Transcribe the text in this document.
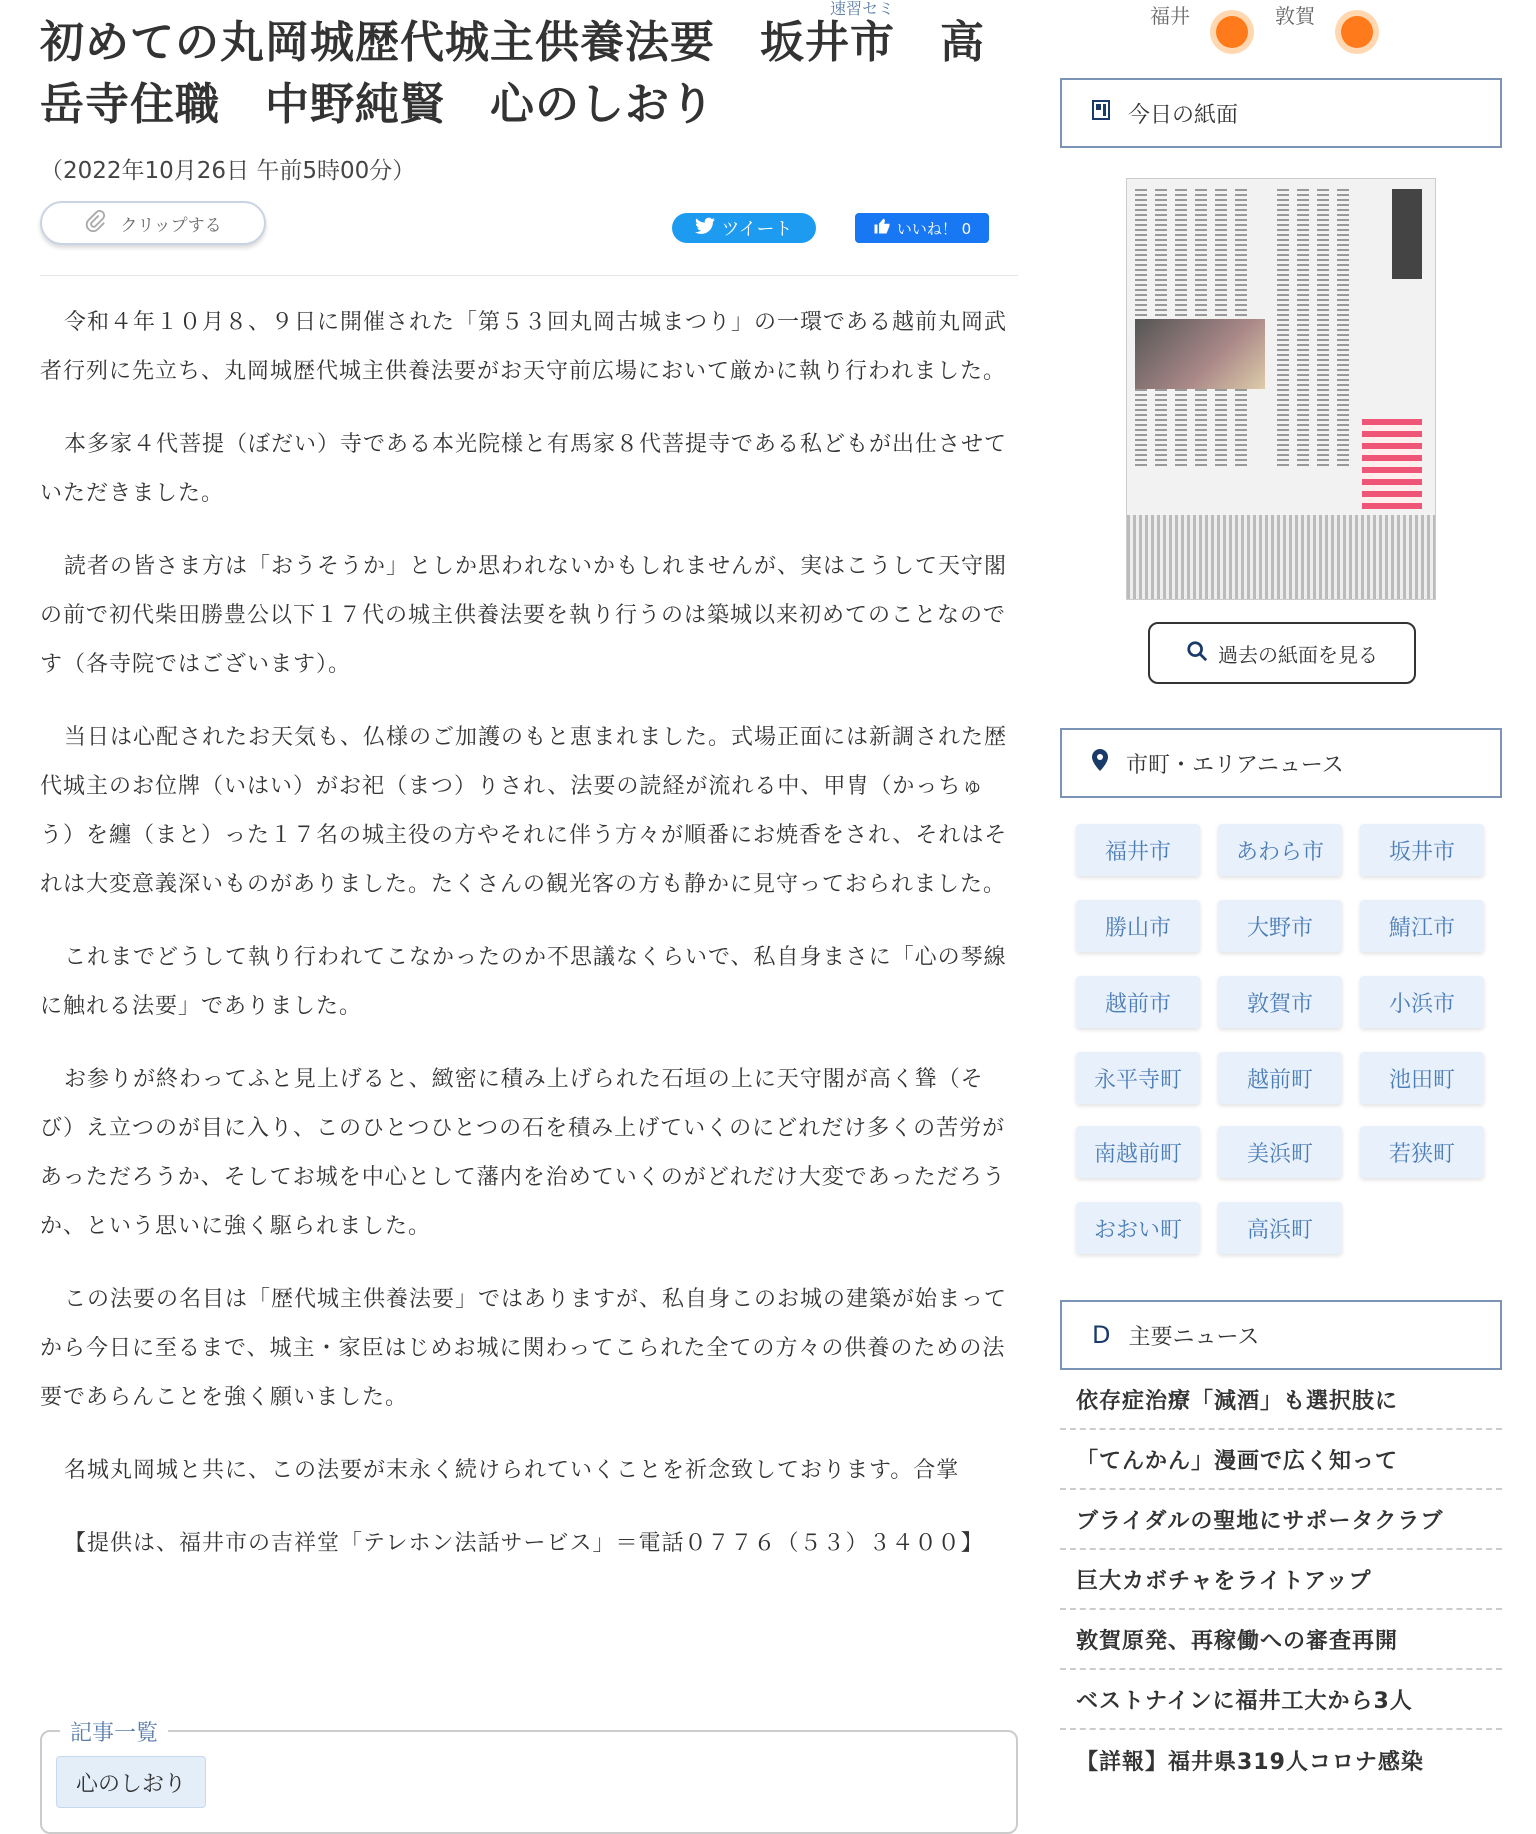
速習セミ
初めての丸岡城歴代城主供養法要　坂井市　高岳寺住職　中野純賢　心のしおり
（2022年10月26日 午前5時00分）
クリップする	ツイート	いいね！ 0

令和４年１０月８、９日に開催された「第５３回丸岡古城まつり」の一環である越前丸岡武者行列に先立ち、丸岡城歴代城主供養法要がお天守前広場において厳かに執り行われました。

本多家４代菩提（ぼだい）寺である本光院様と有馬家８代菩提寺である私どもが出仕させていただきました。

読者の皆さま方は「おうそうか」としか思われないかもしれませんが、実はこうして天守閣の前で初代柴田勝豊公以下１７代の城主供養法要を執り行うのは築城以来初めてのことなのです（各寺院ではございます）。

当日は心配されたお天気も、仏様のご加護のもと恵まれました。式場正面には新調された歴代城主のお位牌（いはい）がお祀（まつ）りされ、法要の読経が流れる中、甲冑（かっちゅう）を纏（まと）った１７名の城主役の方やそれに伴う方々が順番にお焼香をされ、それはそれは大変意義深いものがありました。たくさんの観光客の方も静かに見守っておられました。

これまでどうして執り行われてこなかったのか不思議なくらいで、私自身まさに「心の琴線に触れる法要」でありました。

お参りが終わってふと見上げると、緻密に積み上げられた石垣の上に天守閣が高く聳（そび）え立つのが目に入り、このひとつひとつの石を積み上げていくのにどれだけ多くの苦労があっただろうか、そしてお城を中心として藩内を治めていくのがどれだけ大変であっただろうか、という思いに強く駆られました。

この法要の名目は「歴代城主供養法要」ではありますが、私自身このお城の建築が始まってから今日に至るまで、城主・家臣はじめお城に関わってこられた全ての方々の供養のための法要であらんことを強く願いました。

名城丸岡城と共に、この法要が末永く続けられていくことを祈念致しております。合掌

【提供は、福井市の吉祥堂「テレホン法話サービス」＝電話０７７６（５３）３４００】

記事一覧
心のしおり
福井	敦賀
今日の紙面
過去の紙面を見る
市町・エリアニュース
福井市	あわら市	坂井市
勝山市	大野市	鯖江市
越前市	敦賀市	小浜市
永平寺町	越前町	池田町
南越前町	美浜町	若狭町
おおい町	高浜町
D 主要ニュース
依存症治療「減酒」も選択肢に
「てんかん」漫画で広く知って
ブライダルの聖地にサポータクラブ
巨大カボチャをライトアップ
敦賀原発、再稼働への審査再開
ベストナインに福井工大から3人
【詳報】福井県319人コロナ感染
